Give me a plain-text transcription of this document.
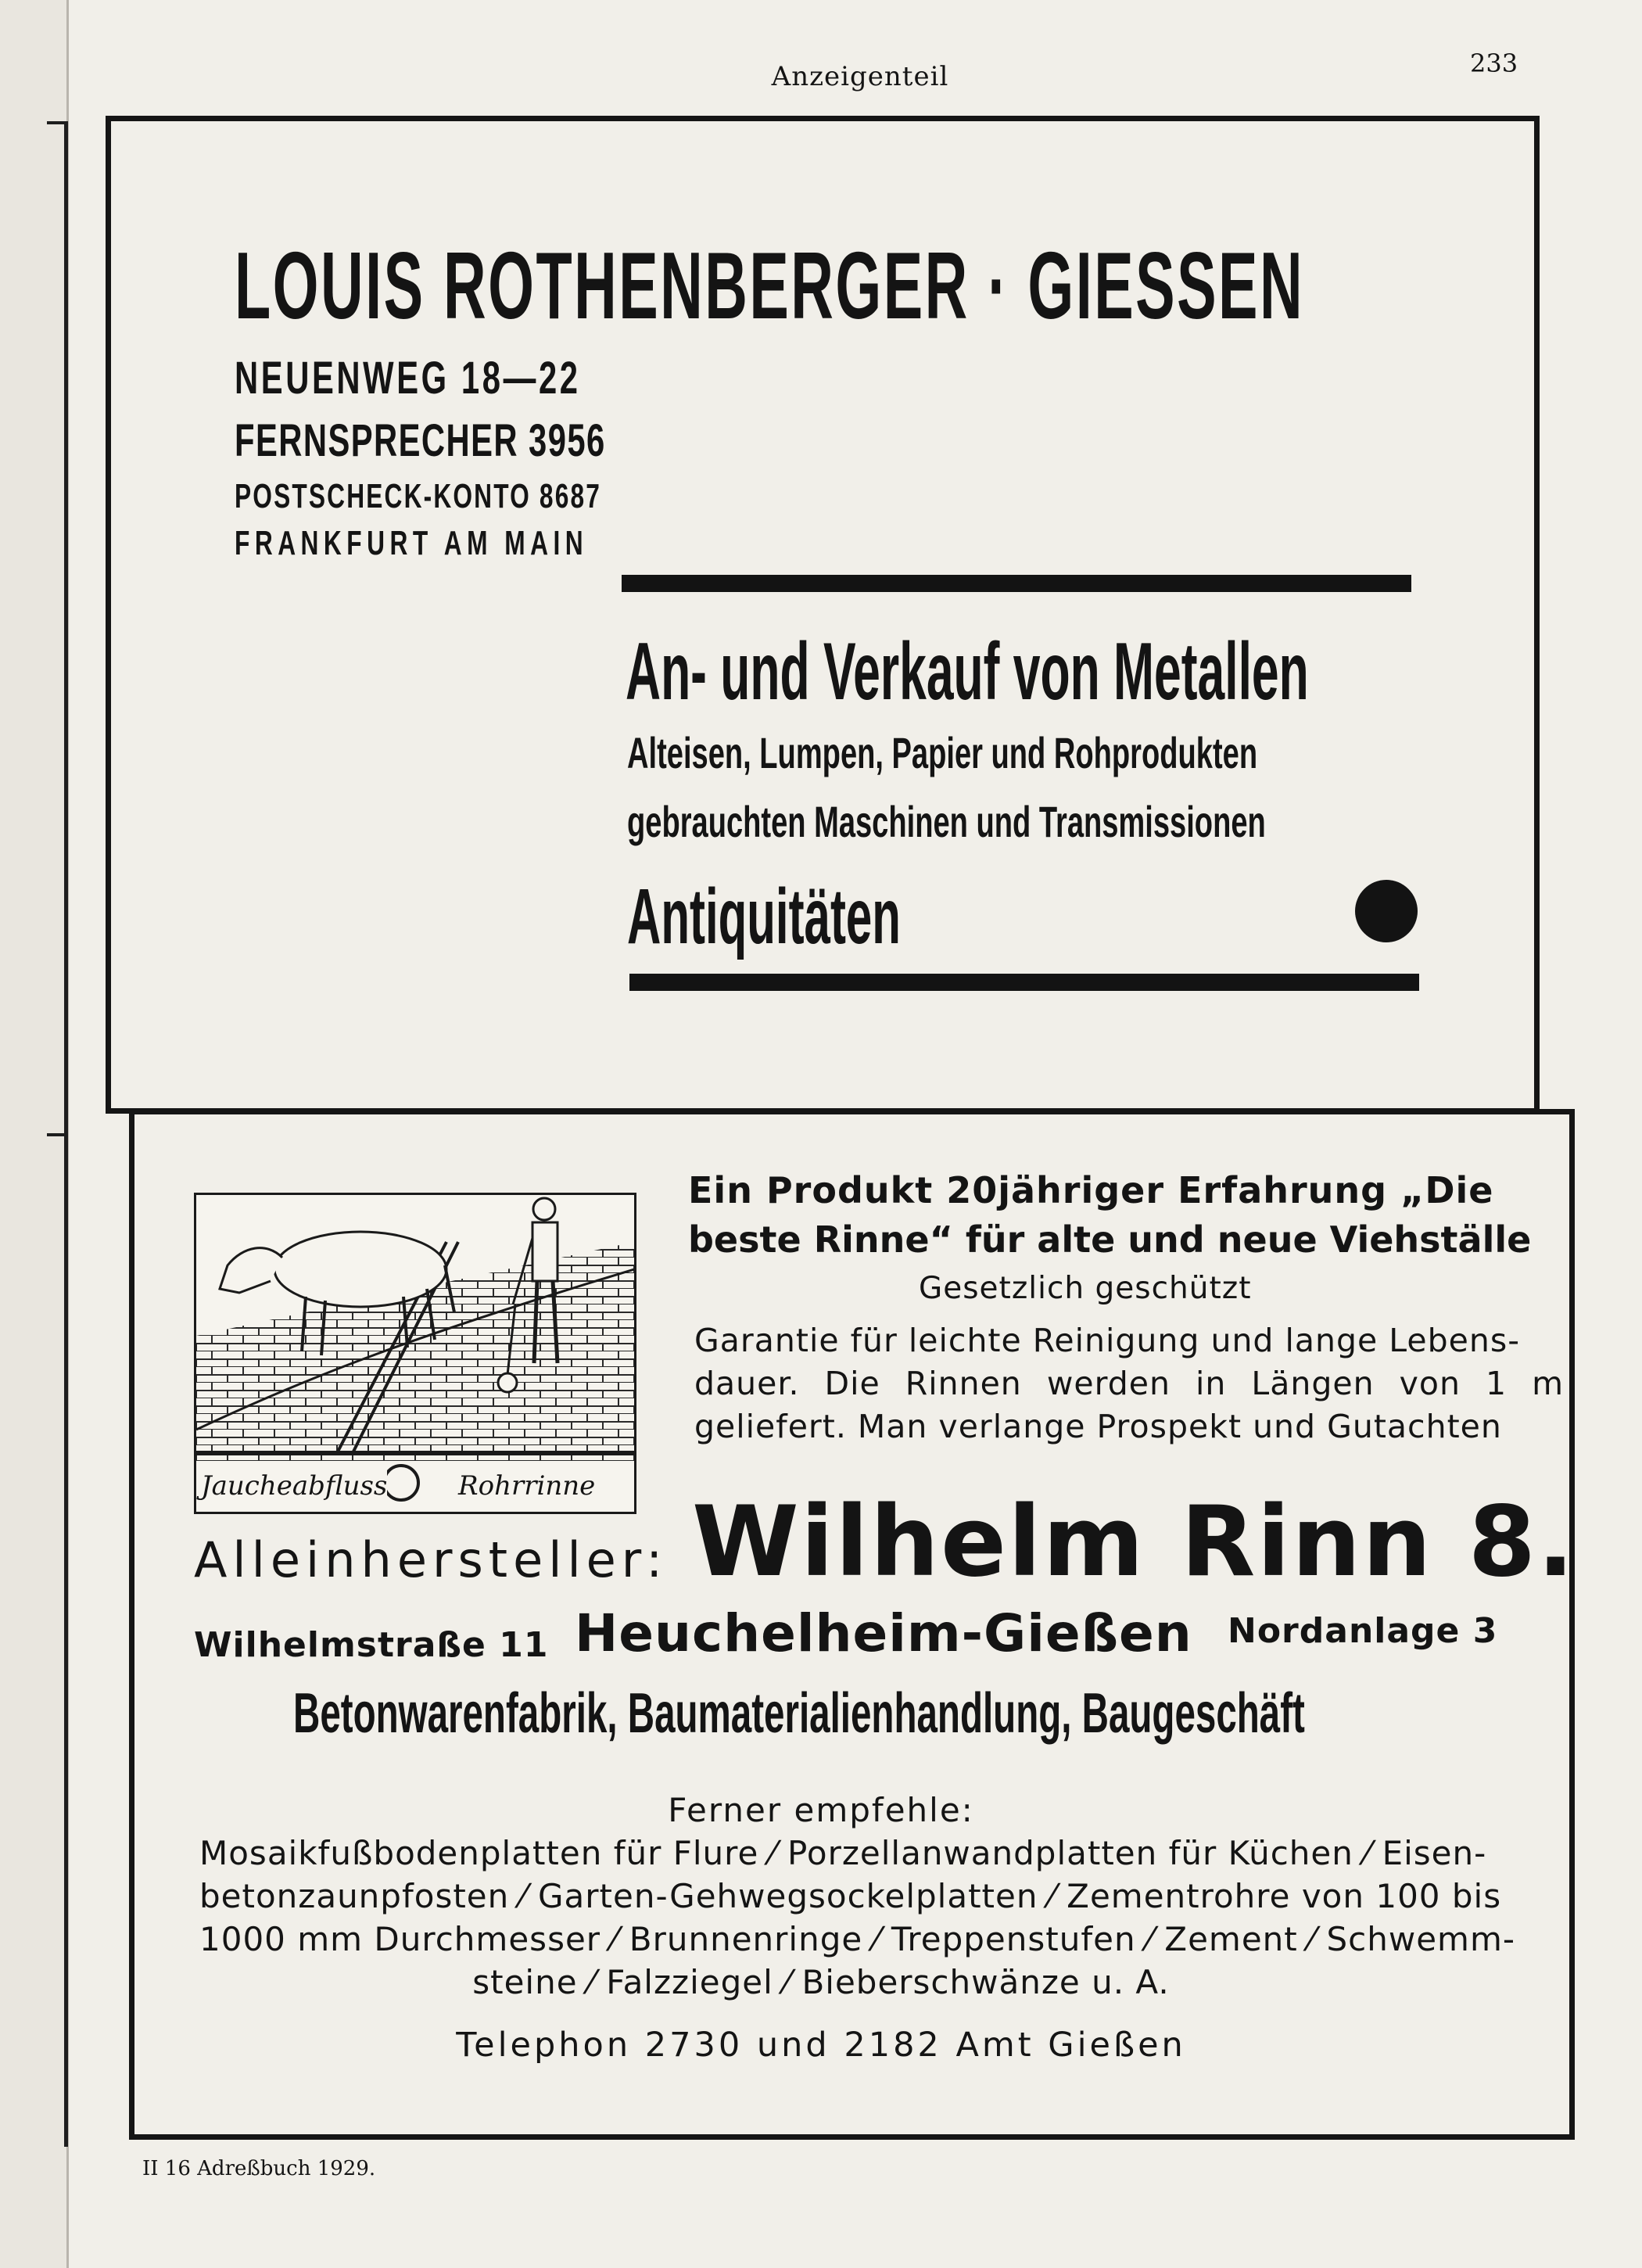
Anzeigenteil	233
LOUIS ROTHENBERGER · GIESSEN
NEUENWEG 18—22
FERNSPRECHER 3956
POSTSCHECK-KONTO 8687
FRANKFURT AM MAIN
An- und Verkauf von Metallen
Alteisen, Lumpen, Papier und Rohprodukten
gebrauchten Maschinen und Transmissionen
Antiquitäten
Jaucheabfluss	Rohrrinne
Ein Produkt 20jähriger Erfahrung „Die
beste Rinne“ für alte und neue Viehställe
Gesetzlich geschützt
Garantie für leichte Reinigung und lange Lebens-
dauer. Die Rinnen werden in Längen von 1 m
geliefert. Man verlange Prospekt und Gutachten
Alleinhersteller: Wilhelm Rinn 8.
Wilhelmstraße 11 Heuchelheim-Gießen Nordanlage 3
Betonwarenfabrik, Baumaterialienhandlung, Baugeschäft
Ferner empfehle:
Mosaikfußbodenplatten für Flure ⁄ Porzellanwandplatten für Küchen ⁄ Eisen-
betonzaunpfosten ⁄ Garten-Gehwegsockelplatten ⁄ Zementrohre von 100 bis
1000 mm Durchmesser ⁄ Brunnenringe ⁄ Treppenstufen ⁄ Zement ⁄ Schwemm-
steine ⁄ Falzziegel ⁄ Bieberschwänze u. A.
Telephon 2730 und 2182 Amt Gießen
II 16 Adreßbuch 1929.
